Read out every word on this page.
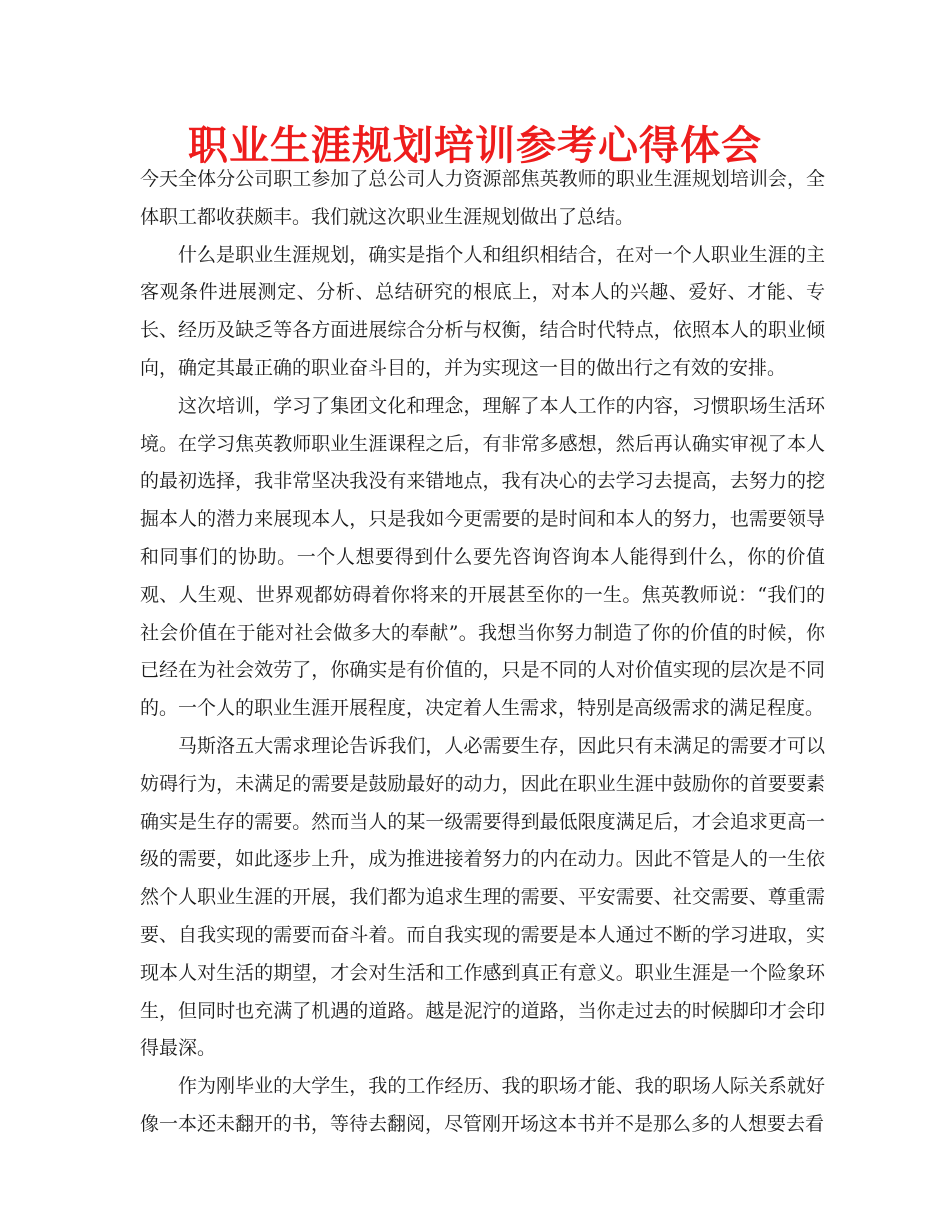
职业生涯规划培训参考心得体会

今天全体分公司职工参加了总公司人力资源部焦英教师的职业生涯规划培训会，全体职工都收获颇丰。我们就这次职业生涯规划做出了总结。

什么是职业生涯规划，确实是指个人和组织相结合，在对一个人职业生涯的主客观条件进展测定、分析、总结研究的根底上，对本人的兴趣、爱好、才能、专长、经历及缺乏等各方面进展综合分析与权衡，结合时代特点，依照本人的职业倾向，确定其最正确的职业奋斗目的，并为实现这一目的做出行之有效的安排。

这次培训，学习了集团文化和理念，理解了本人工作的内容，习惯职场生活环境。在学习焦英教师职业生涯课程之后，有非常多感想，然后再认确实审视了本人的最初选择，我非常坚决我没有来错地点，我有决心的去学习去提高，去努力的挖掘本人的潜力来展现本人，只是我如今更需要的是时间和本人的努力，也需要领导和同事们的协助。一个人想要得到什么要先咨询咨询本人能得到什么，你的价值观、人生观、世界观都妨碍着你将来的开展甚至你的一生。焦英教师说：“我们的社会价值在于能对社会做多大的奉献”。我想当你努力制造了你的价值的时候，你已经在为社会效劳了，你确实是有价值的，只是不同的人对价值实现的层次是不同的。一个人的职业生涯开展程度，决定着人生需求，特别是高级需求的满足程度。

马斯洛五大需求理论告诉我们，人必需要生存，因此只有未满足的需要才可以妨碍行为，未满足的需要是鼓励最好的动力，因此在职业生涯中鼓励你的首要要素确实是生存的需要。然而当人的某一级需要得到最低限度满足后，才会追求更高一级的需要，如此逐步上升，成为推进接着努力的内在动力。因此不管是人的一生依然个人职业生涯的开展，我们都为追求生理的需要、平安需要、社交需要、尊重需要、自我实现的需要而奋斗着。而自我实现的需要是本人通过不断的学习进取，实现本人对生活的期望，才会对生活和工作感到真正有意义。职业生涯是一个险象环生，但同时也充满了机遇的道路。越是泥泞的道路，当你走过去的时候脚印才会印得最深。

作为刚毕业的大学生，我的工作经历、我的职场才能、我的职场人际关系就好像一本还未翻开的书，等待去翻阅，尽管刚开场这本书并不是那么多的人想要去看
